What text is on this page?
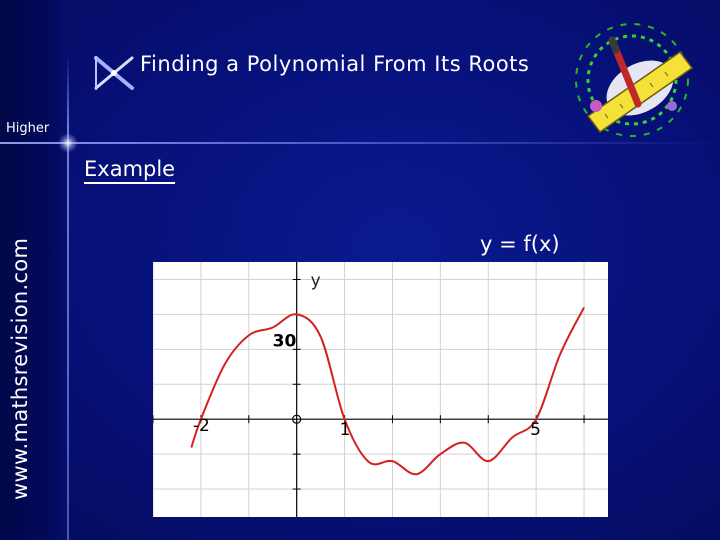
Finding a Polynomial From Its Roots
Higher
www.mathsrevision.com
Example
y = f(x)
y
30
-2	1	5
